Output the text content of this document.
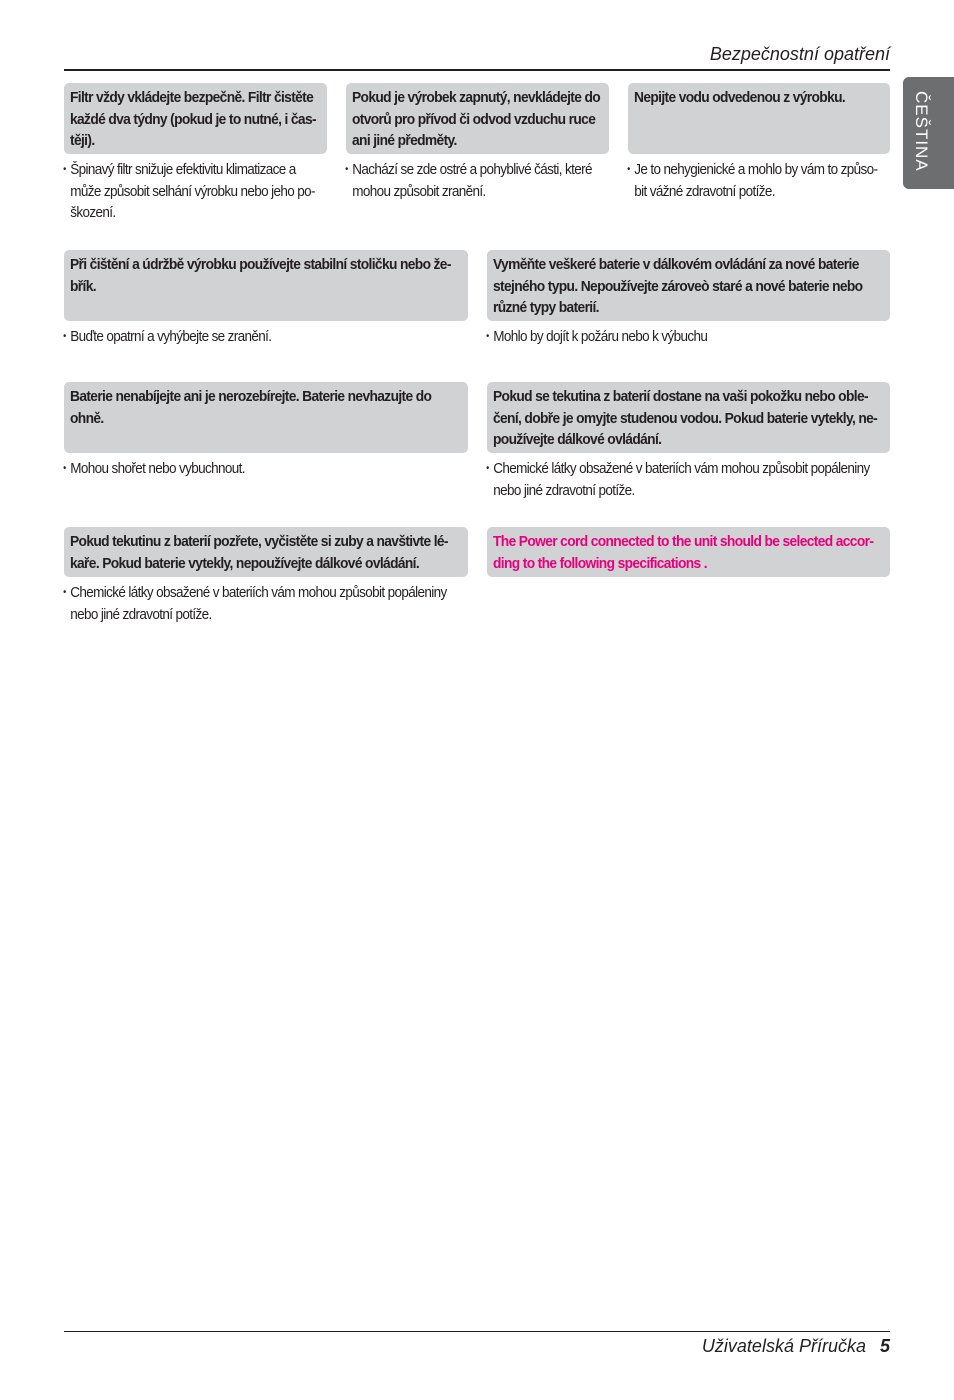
Bezpečnostní opatření
ČEŠTINA
Filtr vždy vkládejte bezpečně. Filtr čistěte
každé dva týdny (pokud je to nutné, i čas-
těji).
• Špinavý filtr snižuje efektivitu klimatizace a
může způsobit selhání výrobku nebo jeho po-
škození.
Pokud je výrobek zapnutý, nevkládejte do
otvorů pro přívod či odvod vzduchu ruce
ani jiné předměty.
• Nachází se zde ostré a pohyblivé části, které
mohou způsobit zranění.
Nepijte vodu odvedenou z výrobku.
• Je to nehygienické a mohlo by vám to způso-
bit vážné zdravotní potíže.
Při čištění a údržbě výrobku používejte stabilní stoličku nebo že-
břík.
• Buďte opatrní a vyhýbejte se zranění.
Vyměňte veškeré baterie v dálkovém ovládání za nové baterie
stejného typu. Nepoužívejte zároveò staré a nové baterie nebo
různé typy baterií.
• Mohlo by dojít k požáru nebo k výbuchu
Baterie nenabíjejte ani je nerozebírejte. Baterie nevhazujte do
ohně.
• Mohou shořet nebo vybuchnout.
Pokud se tekutina z baterií dostane na vaši pokožku nebo oble-
čení, dobře je omyjte studenou vodou. Pokud baterie vytekly, ne-
používejte dálkové ovládání.
• Chemické látky obsažené v bateriích vám mohou způsobit popáleniny
nebo jiné zdravotní potíže.
Pokud tekutinu z baterií pozřete, vyčistěte si zuby a navštivte lé-
kaře. Pokud baterie vytekly, nepoužívejte dálkové ovládání.
• Chemické látky obsažené v bateriích vám mohou způsobit popáleniny
nebo jiné zdravotní potíže.
The Power cord connected to the unit should be selected accor-
ding to the following specifications .
Uživatelská Příručka 5
